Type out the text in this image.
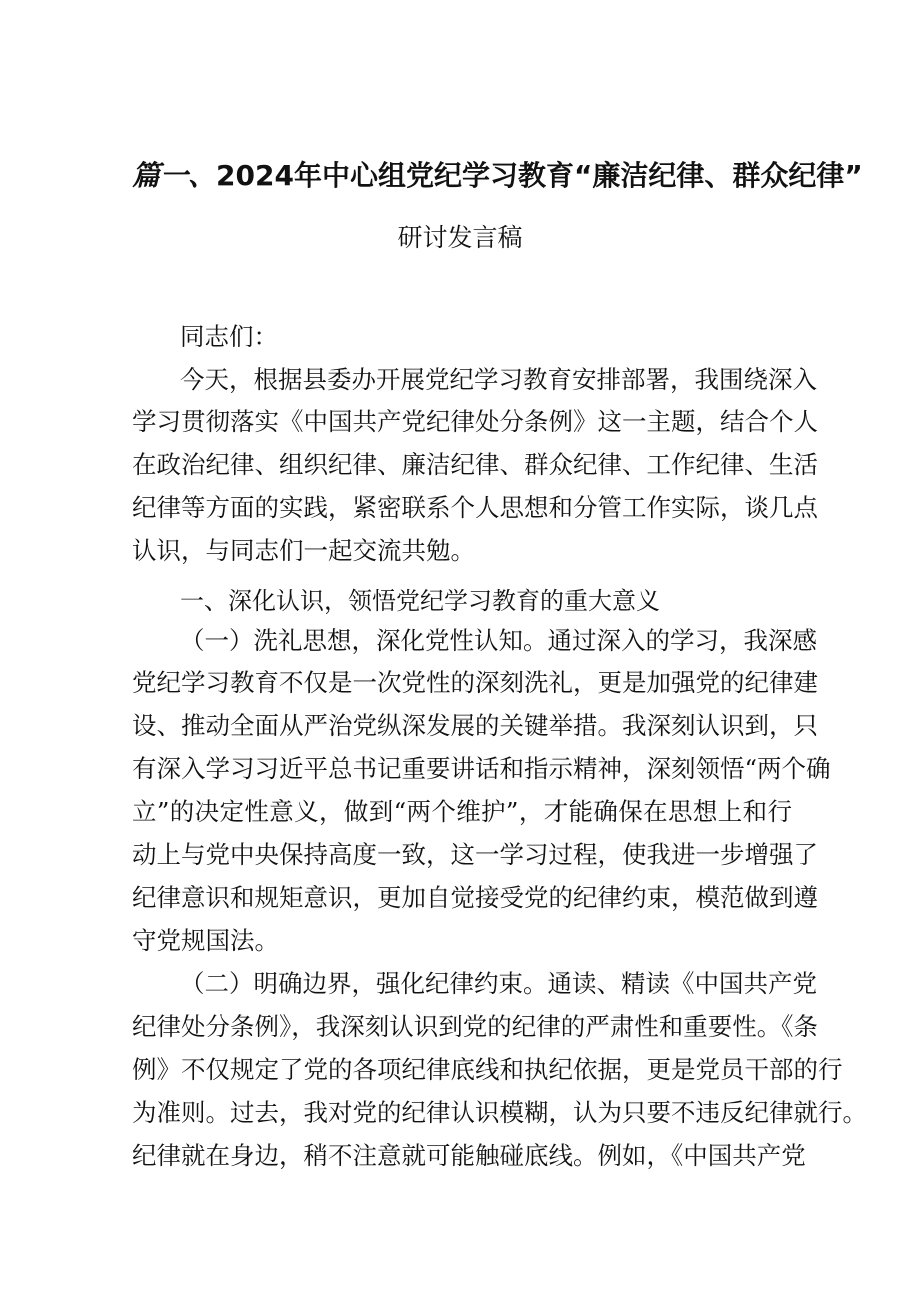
篇一、2024年中心组党纪学习教育“廉洁纪律、群众纪律”
研讨发言稿
同志们：
今天，根据县委办开展党纪学习教育安排部署，我围绕深入
学习贯彻落实《中国共产党纪律处分条例》这一主题，结合个人
在政治纪律、组织纪律、廉洁纪律、群众纪律、工作纪律、生活
纪律等方面的实践，紧密联系个人思想和分管工作实际，谈几点
认识，与同志们一起交流共勉。
一、深化认识，领悟党纪学习教育的重大意义
（一）洗礼思想，深化党性认知。通过深入的学习，我深感
党纪学习教育不仅是一次党性的深刻洗礼，更是加强党的纪律建
设、推动全面从严治党纵深发展的关键举措。我深刻认识到，只
有深入学习习近平总书记重要讲话和指示精神，深刻领悟“两个确
立”的决定性意义，做到“两个维护”，才能确保在思想上和行
动上与党中央保持高度一致，这一学习过程，使我进一步增强了
纪律意识和规矩意识，更加自觉接受党的纪律约束，模范做到遵
守党规国法。
（二）明确边界，强化纪律约束。通读、精读《中国共产党
纪律处分条例》，我深刻认识到党的纪律的严肃性和重要性。《条
例》不仅规定了党的各项纪律底线和执纪依据，更是党员干部的行
为准则。过去，我对党的纪律认识模糊，认为只要不违反纪律就行。
纪律就在身边，稍不注意就可能触碰底线。例如，《中国共产党
